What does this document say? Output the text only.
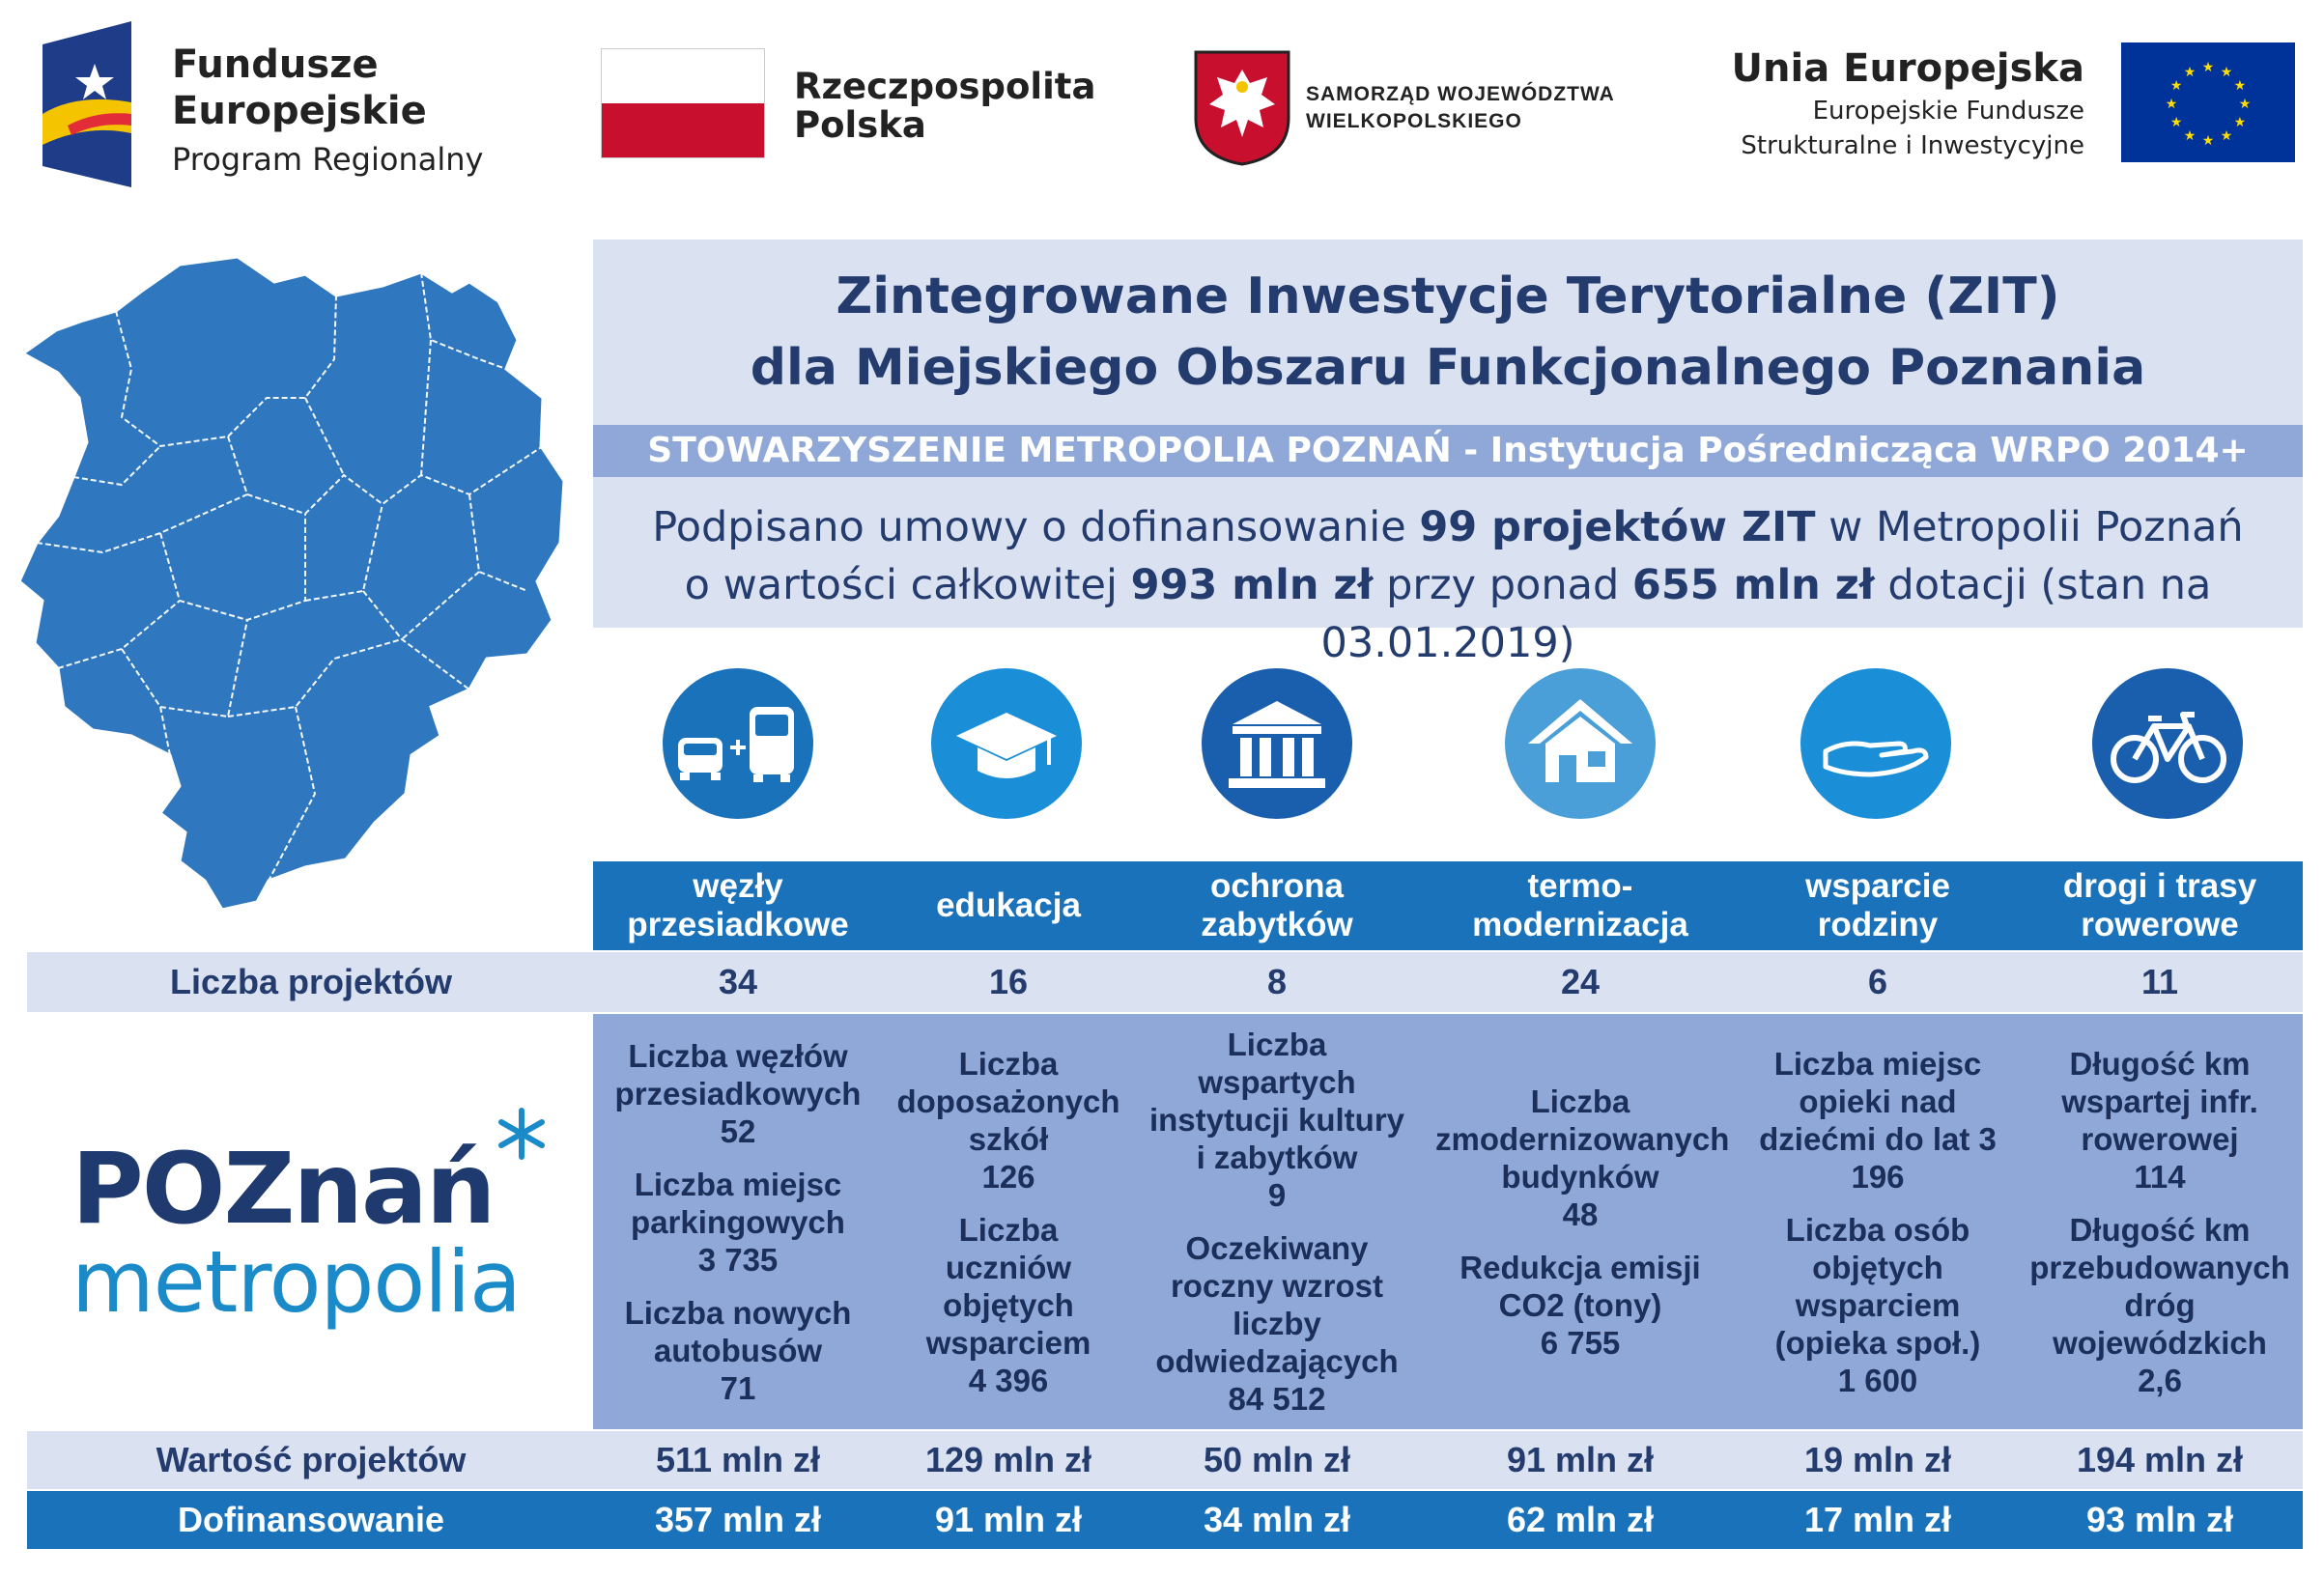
Fundusze
Europejskie
Program Regionalny
Rzeczpospolita
Polska
SAMORZĄD WOJEWÓDZTWA
WIELKOPOLSKIEGO
Unia Europejska
Europejskie Fundusze
Strukturalne i Inwestycyjne
★ ★
★
★
★
★
★
★
★
★
★
★
Zintegrowane Inwestycje Terytorialne (ZIT)
dla Miejskiego Obszaru Funkcjonalnego Poznania
STOWARZYSZENIE METROPOLIA POZNAŃ - Instytucja Pośrednicząca WRPO 2014+
Podpisano umowy o dofinansowanie 99 projektów ZIT w Metropolii Poznań
o wartości całkowitej 993 mln zł przy ponad 655 mln zł dotacji (stan na 03.01.2019)
Liczba projektów
Wartość projektów
Dofinansowanie
POZnań
metropolia
węzły
przesiadkowe
34
Liczba węzłów
przesiadkowych
52
Liczba miejsc
parkingowych
3 735
Liczba nowych
autobusów
71
511 mln zł
357 mln zł
edukacja
16
Liczba
doposażonych
szkół
126
Liczba
uczniów
objętych
wsparciem
4 396
129 mln zł
91 mln zł
ochrona
zabytków
8
Liczba
wspartych
instytucji kultury
i zabytków
9
Oczekiwany
roczny wzrost
liczby
odwiedzających
84 512
50 mln zł
34 mln zł
termo-
modernizacja
24
Liczba
zmodernizowanych
budynków
48
Redukcja emisji
CO2 (tony)
6 755
91 mln zł
62 mln zł
wsparcie
rodziny
6
Liczba miejsc
opieki nad
dziećmi do lat 3
196
Liczba osób
objętych
wsparciem
(opieka społ.)
1 600
19 mln zł
17 mln zł
drogi i trasy
rowerowe
11
Długość km
wspartej infr.
rowerowej
114
Długość km
przebudowanych
dróg
wojewódzkich
2,6
194 mln zł
93 mln zł
